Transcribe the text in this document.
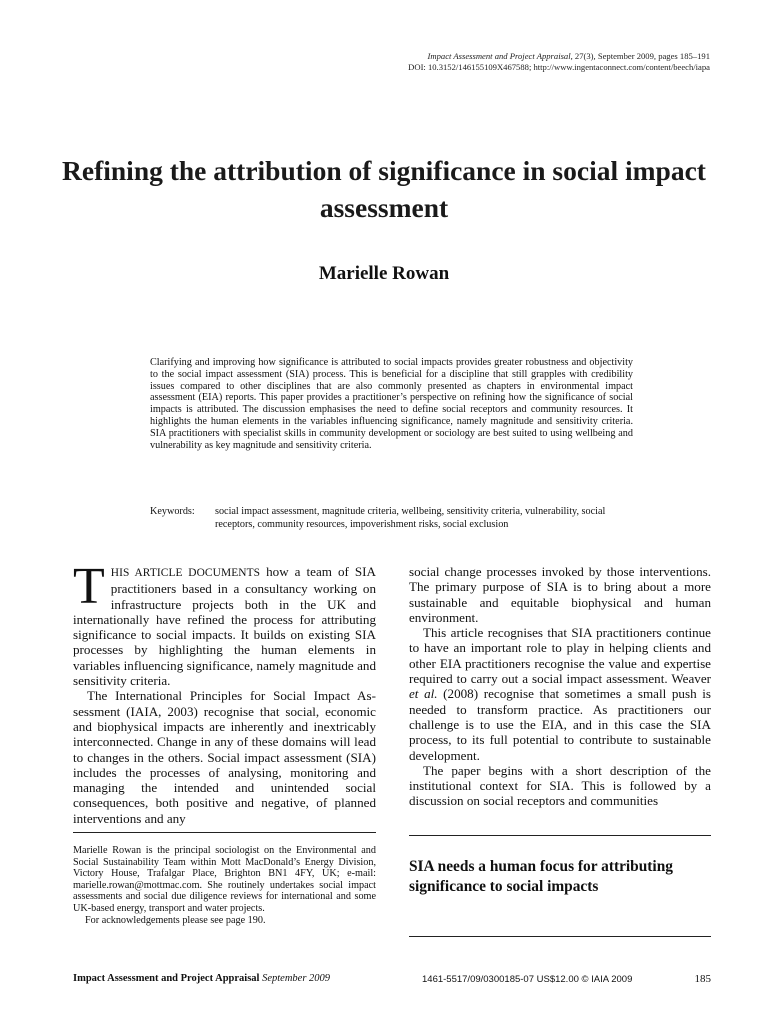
Impact Assessment and Project Appraisal, 27(3), September 2009, pages 185–191
DOI: 10.3152/146155109X467588; http://www.ingentaconnect.com/content/beech/iapa
Refining the attribution of significance in social impact assessment
Marielle Rowan
Clarifying and improving how significance is attributed to social impacts provides greater robustness and objectivity to the social impact assessment (SIA) process. This is beneficial for a discipline that still grapples with credibility issues compared to other disciplines that are also commonly presented as chapters in environmental impact assessment (EIA) reports. This paper provides a practitioner’s perspective on refining how the significance of social impacts is attributed. The discussion emphasises the need to define social receptors and community resources. It highlights the human elements in the variables influencing significance, namely magnitude and sensitivity criteria. SIA practitioners with specialist skills in community development or sociology are best suited to using wellbeing and vulnerability as key magnitude and sensitivity criteria.
Keywords:	social impact assessment, magnitude criteria, wellbeing, sensitivity criteria, vulnerability, social receptors, community resources, impoverishment risks, social exclusion

THIS ARTICLE DOCUMENTS how a team of SIA practitioners based in a consultancy working on infrastructure projects both in the UK and internationally have refined the process for attributing significance to social impacts. It builds on existing SIA processes by highlighting the human elements in variables influencing significance, namely magnitude and sensitivity criteria.

The International Principles for Social Impact Assessment (IAIA, 2003) recognise that social, economic and biophysical impacts are inherently and inextricably interconnected. Change in any of these domains will lead to changes in the others. Social impact assessment (SIA) includes the processes of analysing, monitoring and managing the intended and unintended social consequences, both positive and negative, of planned interventions and any

social change processes invoked by those interventions. The primary purpose of SIA is to bring about a more sustainable and equitable biophysical and human environment.

This article recognises that SIA practitioners continue to have an important role to play in helping clients and other EIA practitioners recognise the value and expertise required to carry out a social impact assessment. Weaver et al. (2008) recognise that sometimes a small push is needed to transform practice. As practitioners our challenge is to use the EIA, and in this case the SIA process, to its full potential to contribute to sustainable development.

The paper begins with a short description of the institutional context for SIA. This is followed by a discussion on social receptors and communities

Marielle Rowan is the principal sociologist on the Environmental and Social Sustainability Team within Mott MacDonald’s Energy Division, Victory House, Trafalgar Place, Brighton BN1 4FY, UK; e-mail: marielle.rowan@mottmac.com. She routinely undertakes social impact assessments and social due diligence reviews for international and some UK-based energy, transport and water projects.

For acknowledgements please see page 190.

SIA needs a human focus for attributing significance to social impacts
Impact Assessment and Project Appraisal September 2009	1461-5517/09/0300185-07 US$12.00 © IAIA 2009	185
